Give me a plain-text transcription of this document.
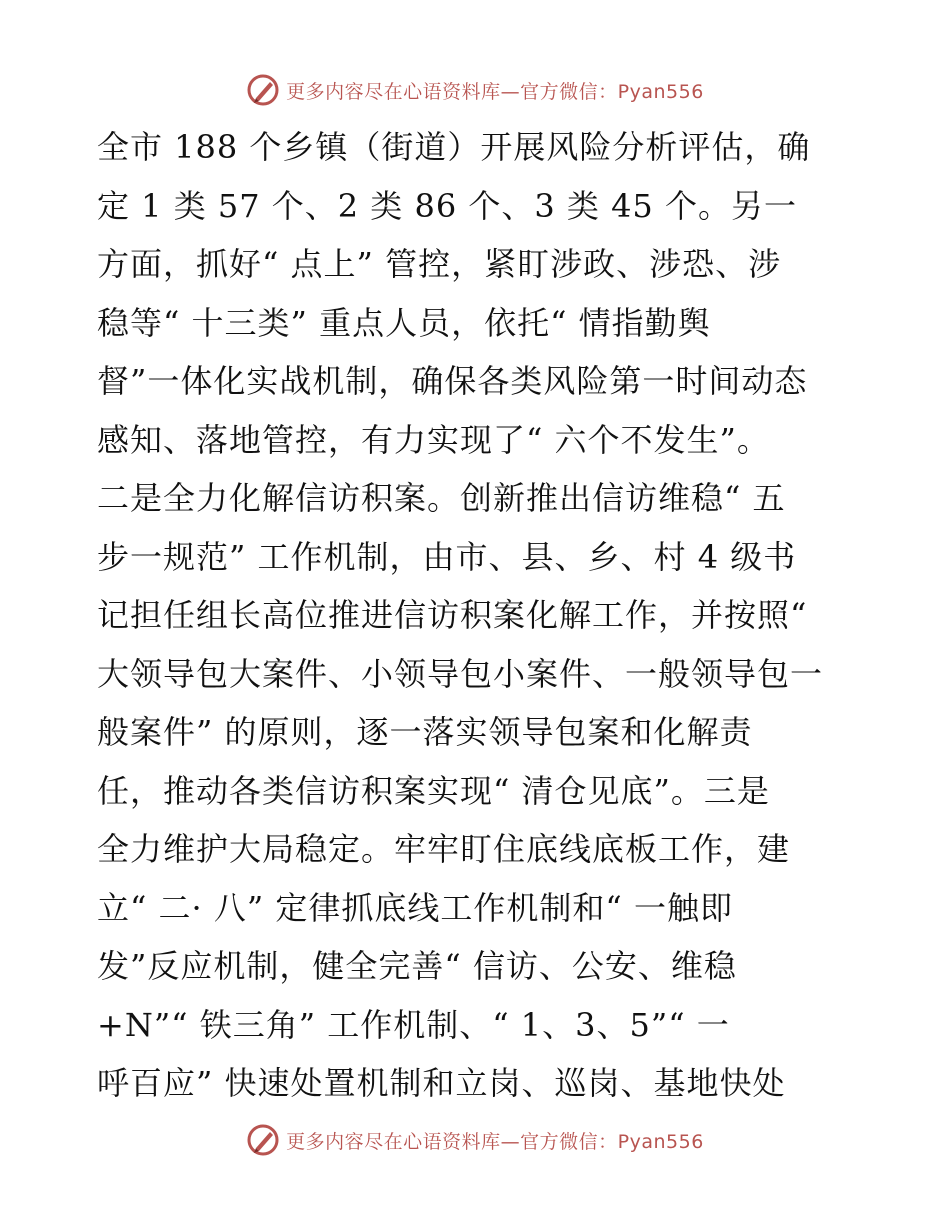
更多内容尽在心语资料库—官方微信：Pyan556
全市 188 个乡镇（街道）开展风险分析评估，确
定 1 类 57 个、2 类 86 个、3 类 45 个。另一
方面，抓好“ 点上” 管控，紧盯涉政、涉恐、涉
稳等“ 十三类” 重点人员，依托“ 情指勤舆
督”一体化实战机制，确保各类风险第一时间动态
感知、落地管控，有力实现了“ 六个不发生”。
二是全力化解信访积案。创新推出信访维稳“ 五
步一规范” 工作机制，由市、县、乡、村 4 级书
记担任组长高位推进信访积案化解工作，并按照“
大领导包大案件、小领导包小案件、一般领导包一
般案件” 的原则，逐一落实领导包案和化解责
任，推动各类信访积案实现“ 清仓见底”。三是
全力维护大局稳定。牢牢盯住底线底板工作，建
立“ 二· 八” 定律抓底线工作机制和“ 一触即
发”反应机制，健全完善“ 信访、公安、维稳
+N”“ 铁三角” 工作机制、“ 1、3、5”“ 一
呼百应” 快速处置机制和立岗、巡岗、基地快处
更多内容尽在心语资料库—官方微信：Pyan556
